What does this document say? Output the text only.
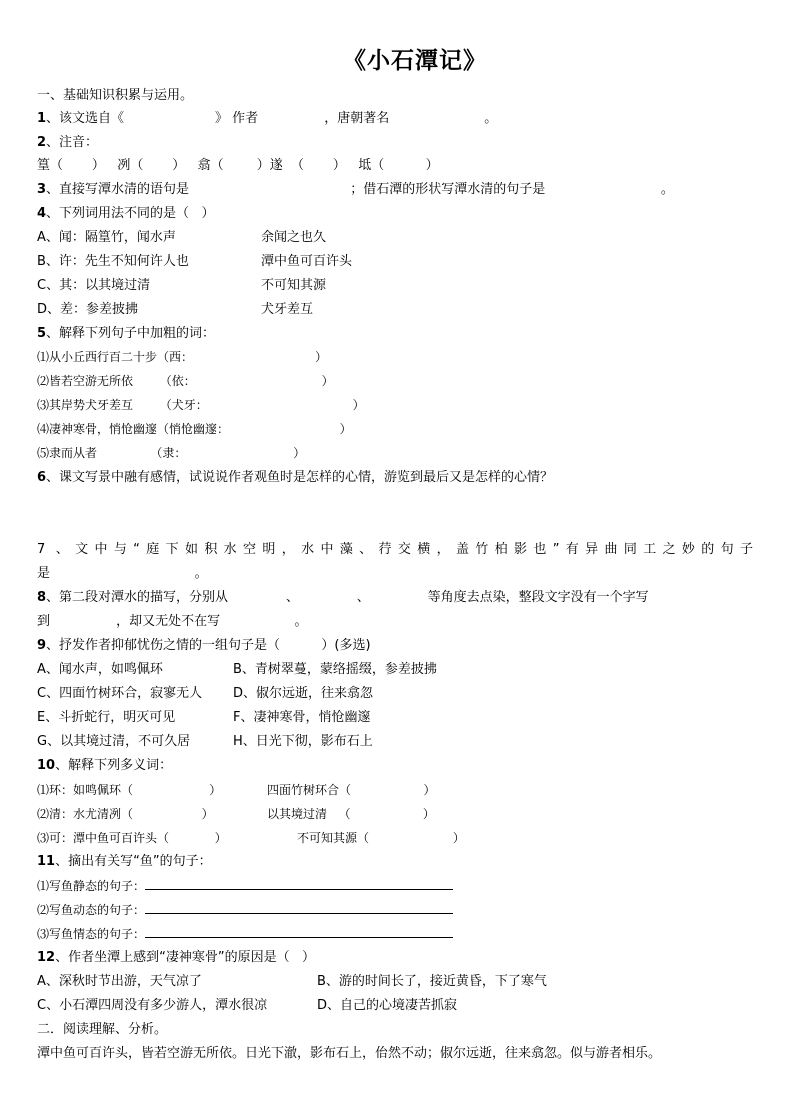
《小石潭记》
一、基础知识积累与运用。
1、该文选自《                      》 作者                ，唐朝著名                       。
2、注音：
篁（       ）   冽（       ）   翕（        ）遂  （       ）   坻（          ）
3、直接写潭水清的语句是                                       ；借石潭的形状写潭水清的句子是                            。
4、下列词用法不同的是（   ）
A、闻：隔篁竹，闻水声	余闻之也久
B、许：先生不知何许人也	潭中鱼可百许头
C、其：以其境过清	不可知其源
D、差：参差披拂	犬牙差互
5、解释下列句子中加粗的词：
⑴从小丘西行百二十步（西：                                ）
⑵皆若空游无所依       （依：                                 ）
⑶其岸势犬牙差互       （犬牙：                                      ）
⑷凄神寒骨，悄怆幽邃（悄怆幽邃：                             ）
⑸隶而从者              （隶：                            ）
6、课文写景中融有感情，试说说作者观鱼时是怎样的心情，游览到最后又是怎样的心情？
7 、文中与“庭下如积水空明，水中藻、荇交横，盖竹柏影也”有异曲同工之妙的句子
是                                   。
8、第二段对潭水的描写，分别从              、              、              等角度去点染，整段文字没有一个字写
到                ，却又无处不在写                  。
9、抒发作者抑郁忧伤之情的一组句子是（          ）(多选)
A、闻水声，如鸣佩环	B、青树翠蔓，蒙络摇缀，参差披拂
C、四面竹树环合，寂寥无人 D、俶尔远逝，往来翕忽
E、斗折蛇行，明灭可见	F、凄神寒骨，悄怆幽邃
G、以其境过清，不可久居	H、日光下彻，影布石上
10、解释下列多义词：
⑴环：如鸣佩环（                    ）	四面竹树环合（                   ）
⑵清：水尤清冽（                  ）	以其境过清   （                   ）
⑶可：潭中鱼可百许头（            ）	不可知其源（                      ）
11、摘出有关写“鱼”的句子：
⑴写鱼静态的句子：
⑵写鱼动态的句子：
⑶写鱼情态的句子：
12、作者坐潭上感到“凄神寒骨”的原因是（   ）
A、深秋时节出游，天气凉了	B、游的时间长了，接近黄昏，下了寒气
C、小石潭四周没有多少游人，潭水很凉	D、自己的心境凄苦抓寂
二．阅读理解、分析。
潭中鱼可百许头，皆若空游无所依。日光下澈，影布石上，佁然不动；俶尔远逝，往来翕忽。似与游者相乐。
